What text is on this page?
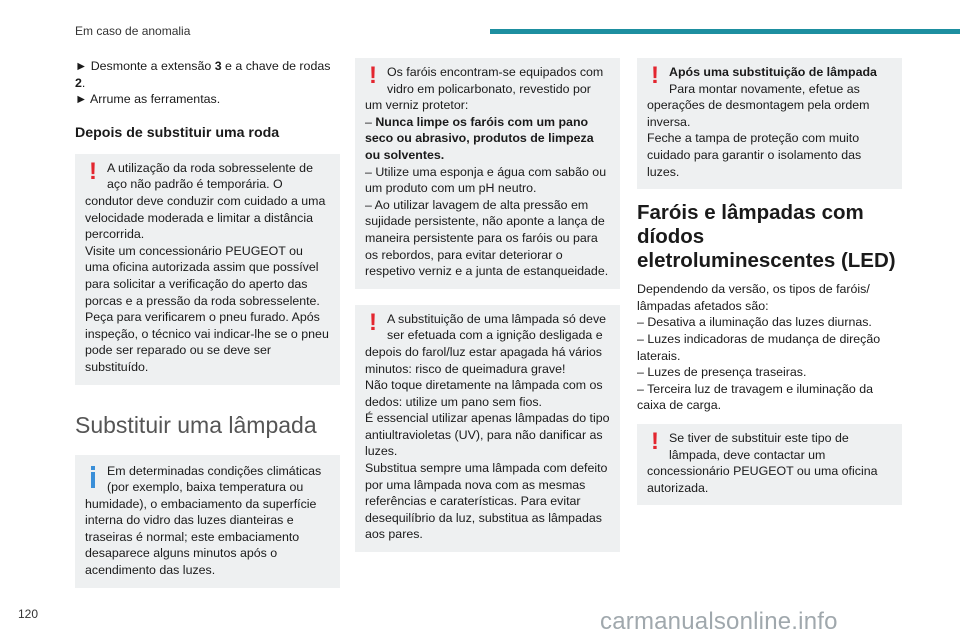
Em caso de anomalia

► Desmonte a extensão 3 e a chave de rodas
2.

► Arrume as ferramentas.

Depois de substituir uma roda
! A utilização da roda sobresselente de aço não padrão é temporária. O condutor deve conduzir com cuidado a uma velocidade moderada e limitar a distância percorrida.

Visite um concessionário PEUGEOT ou uma oficina autorizada assim que possível para solicitar a verificação do aperto das porcas e a pressão da roda sobresselente.

Peça para verificarem o pneu furado. Após inspeção, o técnico vai indicar-lhe se o pneu pode ser reparado ou se deve ser substituído.

Substituir uma lâmpada

Em determinadas condições climáticas (por exemplo, baixa temperatura ou humidade), o embaciamento da superfície interna do vidro das luzes dianteiras e traseiras é normal; este embaciamento desaparece alguns minutos após o acendimento das luzes.

! Os faróis encontram-se equipados com vidro em policarbonato, revestido por um verniz protetor:

– Nunca limpe os faróis com um pano seco ou abrasivo, produtos de limpeza ou solventes.

– Utilize uma esponja e água com sabão ou um produto com um pH neutro.

– Ao utilizar lavagem de alta pressão em sujidade persistente, não aponte a lança de maneira persistente para os faróis ou para os rebordos, para evitar deteriorar o respetivo verniz e a junta de estanqueidade.

! A substituição de uma lâmpada só deve ser efetuada com a ignição desligada e depois do farol/luz estar apagada há vários minutos: risco de queimadura grave!

Não toque diretamente na lâmpada com os dedos: utilize um pano sem fios.

É essencial utilizar apenas lâmpadas do tipo antiultravioletas (UV), para não danificar as luzes.

Substitua sempre uma lâmpada com defeito por uma lâmpada nova com as mesmas referências e caraterísticas. Para evitar desequilíbrio da luz, substitua as lâmpadas aos pares.

! Após uma substituição de lâmpada

Para montar novamente, efetue as operações de desmontagem pela ordem inversa.

Feche a tampa de proteção com muito cuidado para garantir o isolamento das luzes.

Faróis e lâmpadas com díodos eletroluminescentes (LED)

Dependendo da versão, os tipos de faróis/ lâmpadas afetados são:

– Desativa a iluminação das luzes diurnas.

– Luzes indicadoras de mudança de direção laterais.

– Luzes de presença traseiras.

– Terceira luz de travagem e iluminação da caixa de carga.

! Se tiver de substituir este tipo de lâmpada, deve contactar um concessionário PEUGEOT ou uma oficina autorizada.

120	carmanualsonline.info
